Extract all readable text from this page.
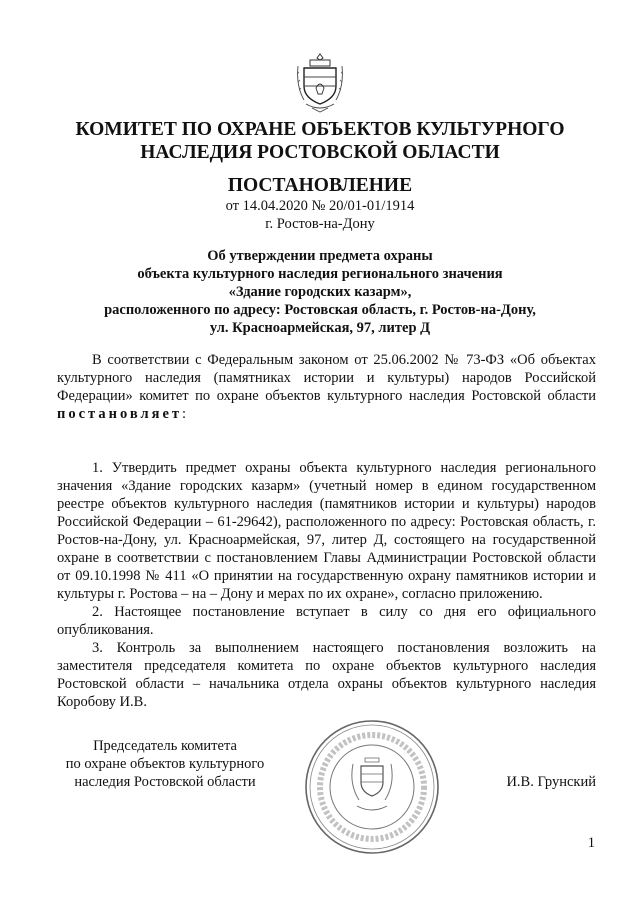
КОМИТЕТ ПО ОХРАНЕ ОБЪЕКТОВ КУЛЬТУРНОГО
НАСЛЕДИЯ РОСТОВСКОЙ ОБЛАСТИ
ПОСТАНОВЛЕНИЕ
от 14.04.2020 № 20/01-01/1914
г. Ростов-на-Дону
Об утверждении предмета охраны
объекта культурного наследия регионального значения
«Здание городских казарм»,
расположенного по адресу: Ростовская область, г. Ростов-на-Дону,
ул. Красноармейская, 97, литер Д

В соответствии с Федеральным законом от 25.06.2002 № 73-ФЗ «Об объектах культурного наследия (памятниках истории и культуры) народов Российской Федерации» комитет по охране объектов культурного наследия Ростовской области постановляет:

1. Утвердить предмет охраны объекта культурного наследия регионального значения «Здание городских казарм» (учетный номер в едином государственном реестре объектов культурного наследия (памятников истории и культуры) народов Российской Федерации – 61-29642), расположенного по адресу: Ростовская область, г. Ростов-на-Дону, ул. Красноармейская, 97, литер Д, состоящего на государственной охране в соответствии с постановлением Главы Администрации Ростовской области от 09.10.1998 № 411 «О принятии на государственную охрану памятников истории и культуры г. Ростова – на – Дону и мерах по их охране», согласно приложению.

2. Настоящее постановление вступает в силу со дня его официального опубликования.

3. Контроль за выполнением настоящего постановления возложить на заместителя председателя комитета по охране объектов культурного наследия Ростовской области – начальника отдела охраны объектов культурного наследия Коробову И.В.

Председатель комитета
по охране объектов культурного
наследия Ростовской области	И.В. Грунский
1
